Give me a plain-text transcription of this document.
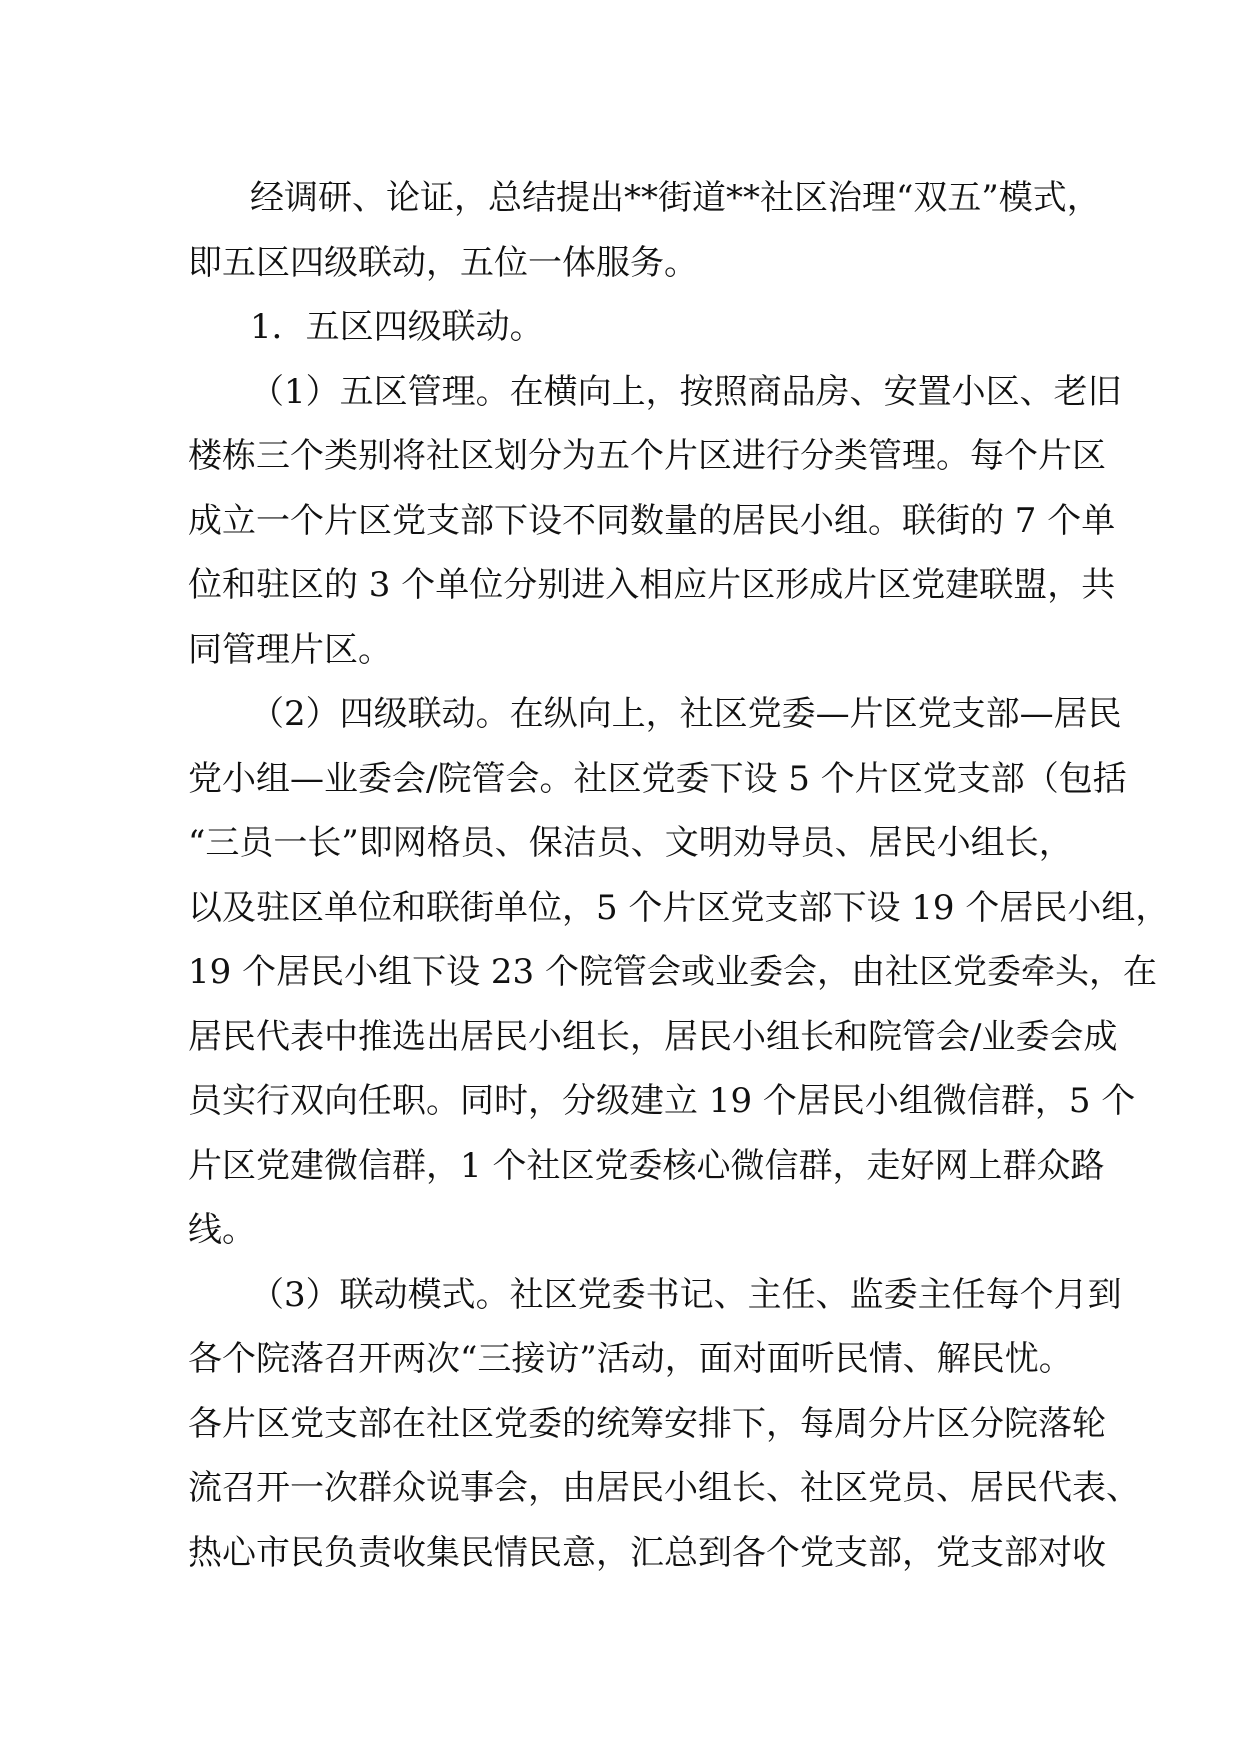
经调研、论证，总结提出**街道**社区治理“双五”模式，
即五区四级联动，五位一体服务。
1．五区四级联动。
（1）五区管理。在横向上，按照商品房、安置小区、老旧
楼栋三个类别将社区划分为五个片区进行分类管理。每个片区
成立一个片区党支部下设不同数量的居民小组。联街的 7 个单
位和驻区的 3 个单位分别进入相应片区形成片区党建联盟，共
同管理片区。
（2）四级联动。在纵向上，社区党委—片区党支部—居民
党小组—业委会/院管会。社区党委下设 5 个片区党支部（包括
“三员一长”即网格员、保洁员、文明劝导员、居民小组长，
以及驻区单位和联街单位，5 个片区党支部下设 19 个居民小组，
19 个居民小组下设 23 个院管会或业委会，由社区党委牵头，在
居民代表中推选出居民小组长，居民小组长和院管会/业委会成
员实行双向任职。同时，分级建立 19 个居民小组微信群，5 个
片区党建微信群，1 个社区党委核心微信群，走好网上群众路
线。
（3）联动模式。社区党委书记、主任、监委主任每个月到
各个院落召开两次“三接访”活动，面对面听民情、解民忧。
各片区党支部在社区党委的统筹安排下，每周分片区分院落轮
流召开一次群众说事会，由居民小组长、社区党员、居民代表、
热心市民负责收集民情民意，汇总到各个党支部，党支部对收
